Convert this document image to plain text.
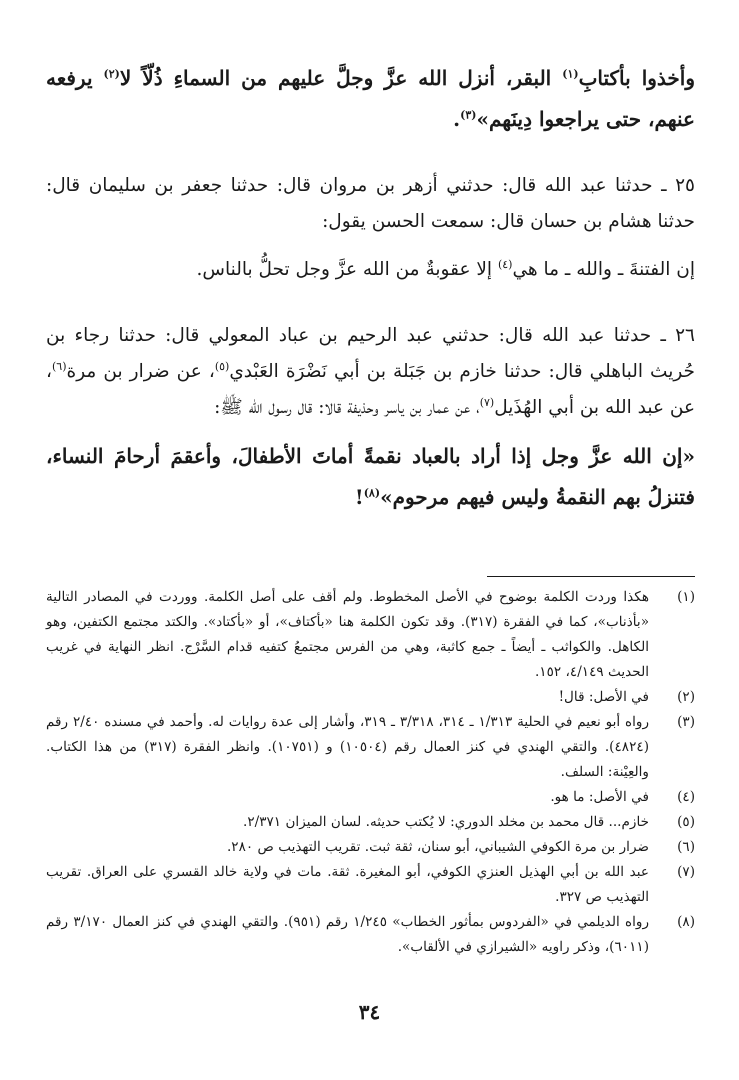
وأخذوا بأكتابِ$^{(١)}$ البقر، أنزل الله عزَّ وجلَّ عليهم من السماءِ ذُلّاً لا$^{(٢)}$ يرفعه عنهم، حتى يراجعوا دِينَهم»$^{(٣)}$.

٢٥ ـ حدثنا عبد الله قال: حدثني أزهر بن مروان قال: حدثنا جعفر بن سليمان قال: حدثنا هشام بن حسان قال: سمعت الحسن يقول:

إن الفتنةَ ـ والله ـ ما هي$^{(٤)}$ إلا عقوبةٌ من الله عزَّ وجل تحلُّ بالناس.

٢٦ ـ حدثنا عبد الله قال: حدثني عبد الرحيم بن عباد المعولي قال: حدثنا رجاء بن حُريث الباهلي قال: حدثنا خازم بن جَبَلة بن أبي نَضْرَة العَبْدي$^{(٥)}$، عن ضرار بن مرة$^{(٦)}$، عن عبد الله بن أبي الهُذَيل$^{(٧)}$، عن عمار بن ياسر وحذيفة قالا: قال رسول الله ﷺ:

«إن الله عزَّ وجل إذا أراد بالعباد نقمةً أماتَ الأطفالَ، وأعقمَ أرحامَ النساء، فتنزلُ بهم النقمةُ وليس فيهم مرحوم»$^{(٨)}$!

(١)
هكذا وردت الكلمة بوضوح في الأصل المخطوط. ولم أقف على أصل الكلمة. ووردت في المصادر التالية «بأذناب»، كما في الفقرة (٣١٧). وقد تكون الكلمة هنا «بأكتاف»، أو «بأكتاد». والكتد مجتمع الكتفين، وهو الكاهل. والكواثب ـ أيضاً ـ جمع كاثبة، وهي من الفرس مجتمعُ كتفيه قدام السَّرْج. انظر النهاية في غريب الحديث ٤/١٤٩، ١٥٢.
(٢)
في الأصل: قال!
(٣)
رواه أبو نعيم في الحلية ١/٣١٣ ـ ٣١٤، ٣/٣١٨ ـ ٣١٩، وأشار إلى عدة روايات له. وأحمد في مسنده ٢/٤٠ رقم (٤٨٢٤). والتقي الهندي في كنز العمال رقم (١٠٥٠٤) و (١٠٧٥١). وانظر الفقرة (٣١٧) من هذا الكتاب. والعِيْنة: السلف.
(٤)
في الأصل: ما هو.
(٥)
خازم... قال محمد بن مخلد الدوري: لا يُكتب حديثه. لسان الميزان ٢/٣٧١.
(٦)
ضرار بن مرة الكوفي الشيباني، أبو سنان، ثقة ثبت. تقريب التهذيب ص ٢٨٠.
(٧)
عبد الله بن أبي الهذيل العنزي الكوفي، أبو المغيرة. ثقة. مات في ولاية خالد القسري على العراق. تقريب التهذيب ص ٣٢٧.
(٨)
رواه الديلمي في «الفردوس بمأثور الخطاب» ١/٢٤٥ رقم (٩٥١). والتقي الهندي في كنز العمال ٣/١٧٠ رقم (٦٠١١)، وذكر راويه «الشيرازي في الألقاب».
٣٤
